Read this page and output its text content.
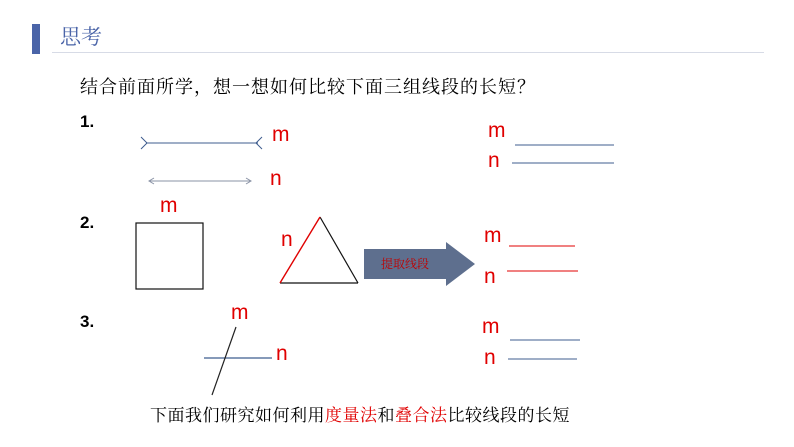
思考
结合前面所学，想一想如何比较下面三组线段的长短？
1.
2.
3.
提取线段
m
n
m
n
m
n
m
n
m
n
m
n
下面我们研究如何利用度量法和叠合法比较线段的长短
